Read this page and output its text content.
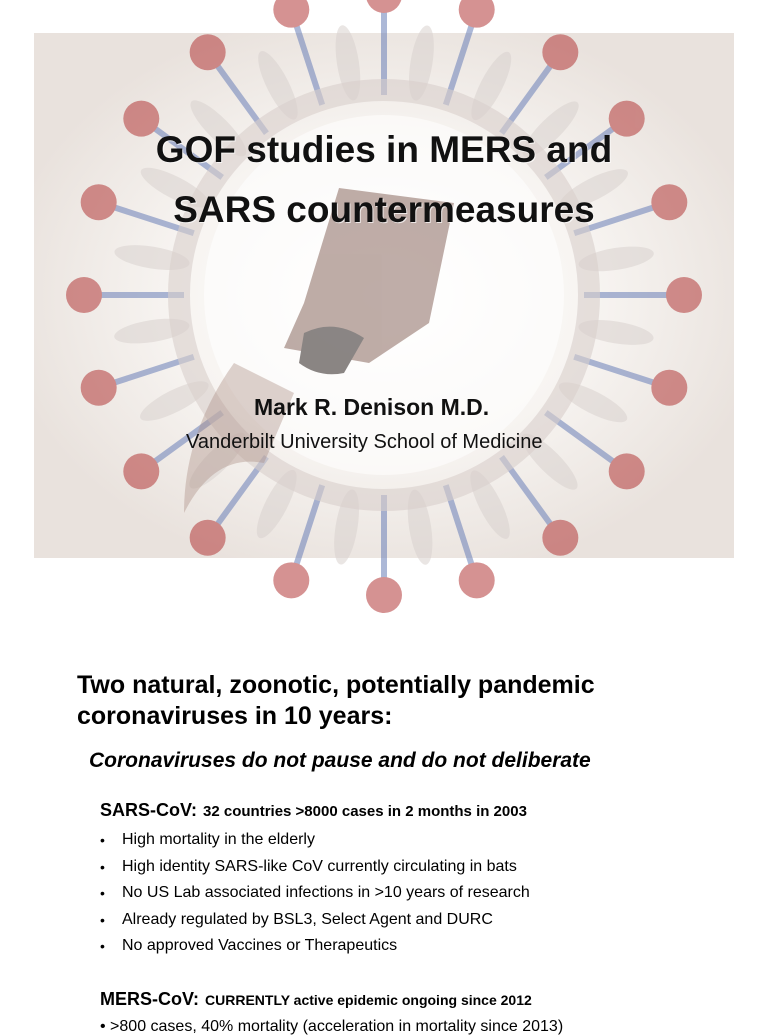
GOF studies in MERS and
SARS countermeasures
Mark R. Denison M.D.
Vanderbilt University School of Medicine
Two natural, zoonotic, potentially pandemic coronaviruses in 10 years:
Coronaviruses do not pause and do not deliberate
SARS-CoV: 32 countries >8000 cases in 2 months in 2003
• High mortality in the elderly
• High identity SARS-like CoV currently circulating in bats
• No US Lab associated infections in >10 years of research
• Already regulated by BSL3, Select Agent and DURC
• No approved Vaccines or Therapeutics
MERS-CoV: CURRENTLY active epidemic ongoing since 2012
• >800 cases, 40% mortality (acceleration in mortality since 2013)
